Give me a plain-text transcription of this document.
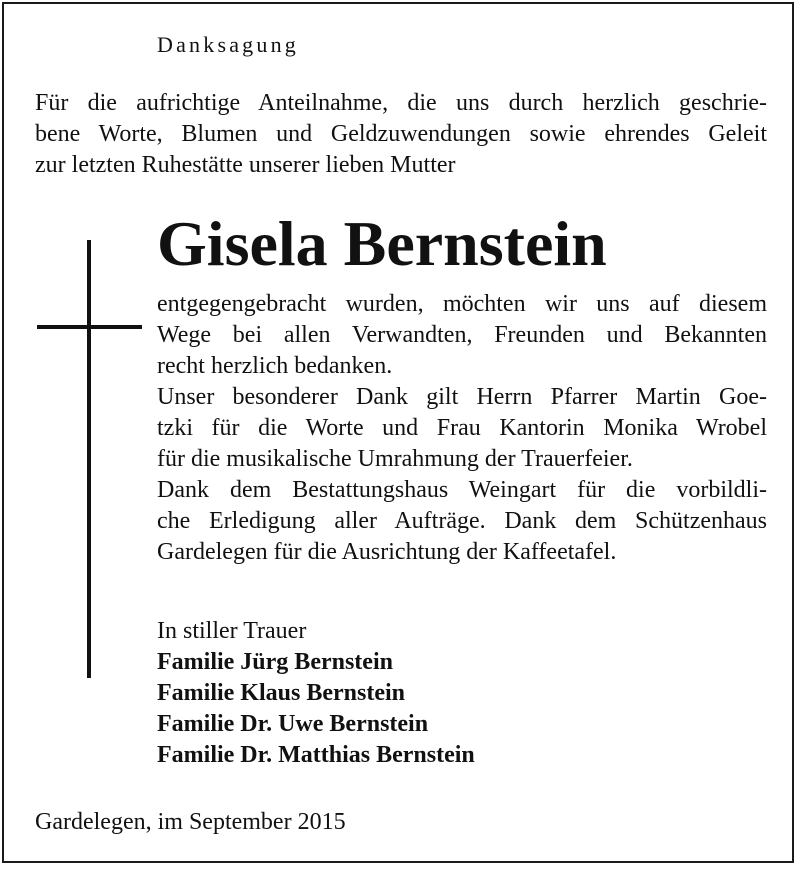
Danksagung
Für die aufrichtige Anteilnahme, die uns durch herzlich geschrie-
bene Worte, Blumen und Geldzuwendungen sowie ehrendes Geleit
zur letzten Ruhestätte unserer lieben Mutter
Gisela Bernstein
entgegengebracht wurden, möchten wir uns auf diesem
Wege bei allen Verwandten, Freunden und Bekannten
recht herzlich bedanken.
Unser besonderer Dank gilt Herrn Pfarrer Martin Goe-
tzki für die Worte und Frau Kantorin Monika Wrobel
für die musikalische Umrahmung der Trauerfeier.
Dank dem Bestattungshaus Weingart für die vorbildli-
che Erledigung aller Aufträge. Dank dem Schützenhaus
Gardelegen für die Ausrichtung der Kaffeetafel.
In stiller Trauer
Familie Jürg Bernstein
Familie Klaus Bernstein
Familie Dr. Uwe Bernstein
Familie Dr. Matthias Bernstein
Gardelegen, im September 2015
